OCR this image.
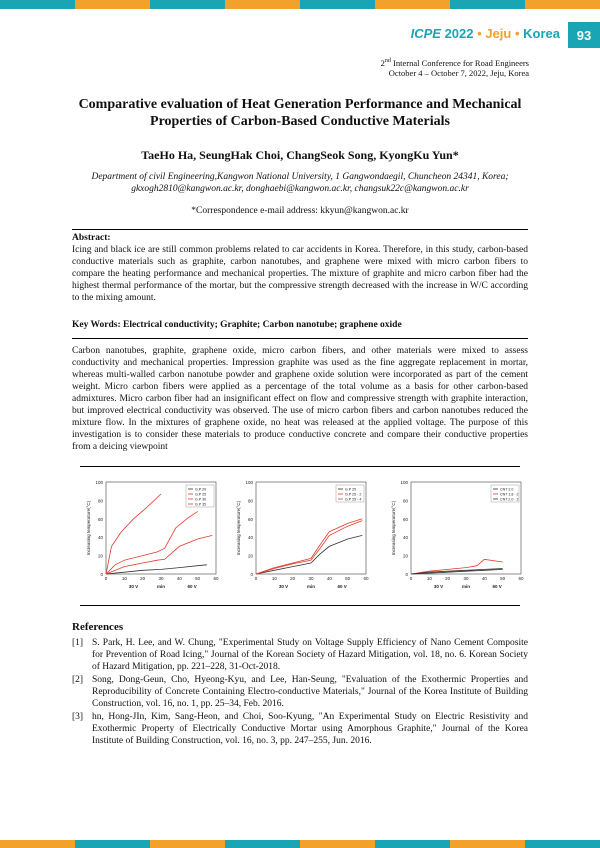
ICPE 2022 • Jeju • Korea	93
2nd Internal Conference for Road Engineers
October 4 – October 7, 2022, Jeju, Korea
Comparative evaluation of Heat Generation Performance and Mechanical Properties of Carbon-Based Conductive Materials
TaeHo Ha, SeungHak Choi, ChangSeok Song, KyongKu Yun*
Department of civil Engineering,Kangwon National University, 1 Gangwondaegil, Chuncheon 24341, Korea;
gkxogh2810@kangwon.ac.kr, donghaebi@kangwon.ac.kr, changsuk22c@kangwon.ac.kr
*Correspondence e-mail address: kkyun@kangwon.ac.kr
Abstract:
Icing and black ice are still common problems related to car accidents in Korea. Therefore, in this study, carbon-based conductive materials such as graphite, carbon nanotubes, and graphene were mixed with micro carbon fibers to compare the heating performance and mechanical properties. The mixture of graphite and micro carbon fiber had the highest thermal performance of the mortar, but the compressive strength decreased with the increase in W/C according to the mixing amount.
Key Words: Electrical conductivity; Graphite; Carbon nanotube; graphene oxide
Carbon nanotubes, graphite, graphene oxide, micro carbon fibers, and other materials were mixed to assess conductivity and mechanical properties. Impression graphite was used as the fine aggregate replacement in mortar, whereas multi-walled carbon nanotube powder and graphene oxide solution were incorporated as part of the cement weight. Micro carbon fibers were applied as a percentage of the total volume as a basis for other carbon-based admixtures. Micro carbon fiber had an insignificant effect on flow and compressive strength with graphite interaction, but improved electrical conductivity was observed. The use of micro carbon fibers and carbon nanotubes reduced the mixture flow. In the mixtures of graphene oxide, no heat was released at the applied voltage. The purpose of this investigation is to consider these materials to produce conductive concrete and compare their conductive properties from a deicing viewpoint
0
20
40
60
80
100
0	10	20	30	40	50	60
Increasing temperature(°C)
30 V	min	60 V
G.P 20
G.P 25
G.P 30
G.P 35
0
20
40
60
80
100
0	10	20	30	40	50	60
Increasing temperature(°C)
30 V	min	60 V
G.P 25
G.P 25 - 2
G.P 25 - 4
0
20
40
60
80
100
0	10	20	30	40	50	60
Increasing temperature(°C)
30 V	min	60 V
CNT 2.0
CNT 1.8 - 2
CNT 2.0 - 2
References
[1] S. Park, H. Lee, and W. Chung, "Experimental Study on Voltage Supply Efficiency of Nano Cement Composite for Prevention of Road Icing," Journal of the Korean Society of Hazard Mitigation, vol. 18, no. 6. Korean Society of Hazard Mitigation, pp. 221–228, 31-Oct-2018.
[2] Song, Dong-Geun, Cho, Hyeong-Kyu, and Lee, Han-Seung, "Evaluation of the Exothermic Properties and Reproducibility of Concrete Containing Electro-conductive Materials," Journal of the Korea Institute of Building Construction, vol. 16, no. 1, pp. 25–34, Feb. 2016.
[3] hn, Hong-JIn, Kim, Sang-Heon, and Choi, Soo-Kyung, "An Experimental Study on Electric Resistivity and Exothermic Property of Electrically Conductive Mortar using Amorphous Graphite," Journal of the Korea Institute of Building Construction, vol. 16, no. 3, pp. 247–255, Jun. 2016.
